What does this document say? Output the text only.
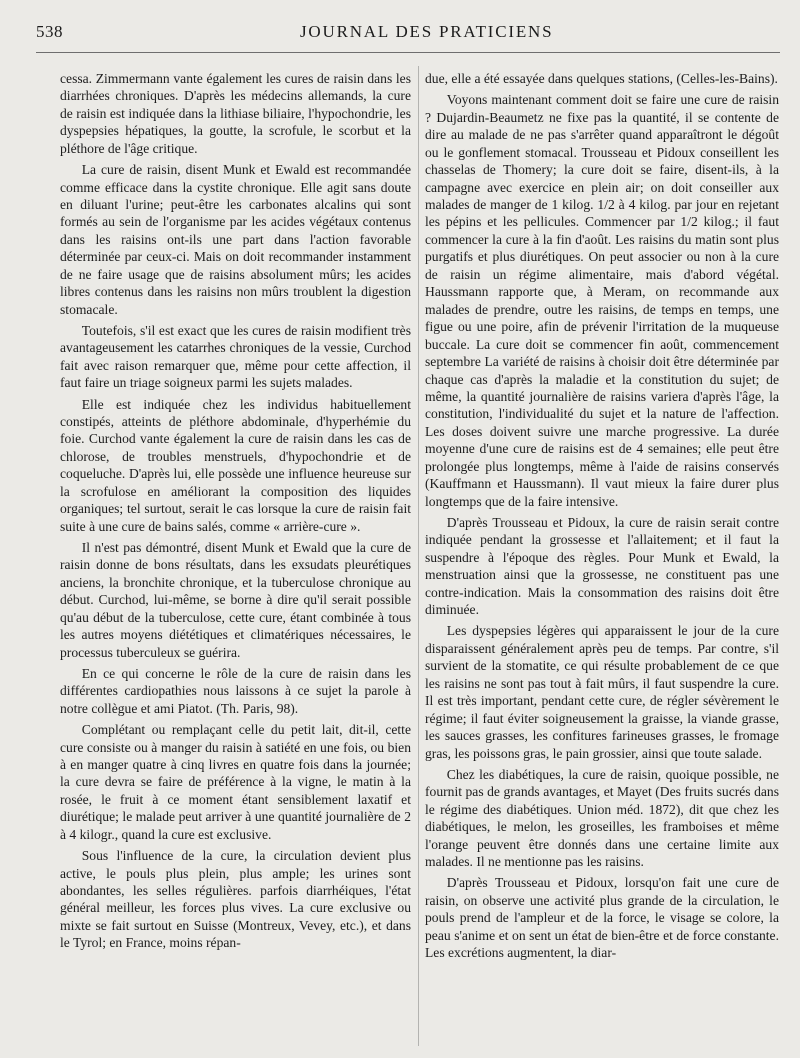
538	JOURNAL DES PRATICIENS

cessa. Zimmermann vante également les cures de raisin dans les diarrhées chroniques. D'après les médecins allemands, la cure de raisin est indiquée dans la lithiase biliaire, l'hypochondrie, les dyspepsies hépatiques, la goutte, la scrofule, le scorbut et la pléthore de l'âge critique.

La cure de raisin, disent Munk et Ewald est recommandée comme efficace dans la cystite chronique. Elle agit sans doute en diluant l'urine; peut-être les carbonates alcalins qui sont formés au sein de l'organisme par les acides végétaux contenus dans les raisins ont-ils une part dans l'action favorable déterminée par ceux-ci. Mais on doit recommander instamment de ne faire usage que de raisins absolument mûrs; les acides libres contenus dans les raisins non mûrs troublent la digestion stomacale.

Toutefois, s'il est exact que les cures de raisin modifient très avantageusement les catarrhes chroniques de la vessie, Curchod fait avec raison remarquer que, même pour cette affection, il faut faire un triage soigneux parmi les sujets malades.

Elle est indiquée chez les individus habituellement constipés, atteints de pléthore abdominale, d'hyperhémie du foie. Curchod vante également la cure de raisin dans les cas de chlorose, de troubles menstruels, d'hypochondrie et de coqueluche. D'après lui, elle possède une influence heureuse sur la scrofulose en améliorant la composition des liquides organiques; tel surtout, serait le cas lorsque la cure de raisin fait suite à une cure de bains salés, comme « arrière-cure ».

Il n'est pas démontré, disent Munk et Ewald que la cure de raisin donne de bons résultats, dans les exsudats pleurétiques anciens, la bronchite chronique, et la tuberculose chronique au début. Curchod, lui-même, se borne à dire qu'il serait possible qu'au début de la tuberculose, cette cure, étant combinée à tous les autres moyens diététiques et climatériques nécessaires, le processus tuberculeux se guérira.

En ce qui concerne le rôle de la cure de raisin dans les différentes cardiopathies nous laissons à ce sujet la parole à notre collègue et ami Piatot. (Th. Paris, 98).

Complétant ou remplaçant celle du petit lait, dit-il, cette cure consiste ou à manger du raisin à satiété en une fois, ou bien à en manger quatre à cinq livres en quatre fois dans la journée; la cure devra se faire de préférence à la vigne, le matin à la rosée, le fruit à ce moment étant sensiblement laxatif et diurétique; le malade peut arriver à une quantité journalière de 2 à 4 kilogr., quand la cure est exclusive.

Sous l'influence de la cure, la circulation devient plus active, le pouls plus plein, plus ample; les urines sont abondantes, les selles régulières. parfois diarrhéiques, l'état général meilleur, les forces plus vives. La cure exclusive ou mixte se fait surtout en Suisse (Montreux, Vevey, etc.), et dans le Tyrol; en France, moins répan-

due, elle a été essayée dans quelques stations, (Celles-les-Bains).

Voyons maintenant comment doit se faire une cure de raisin ? Dujardin-Beaumetz ne fixe pas la quantité, il se contente de dire au malade de ne pas s'arrêter quand apparaîtront le dégoût ou le gonflement stomacal. Trousseau et Pidoux conseillent les chasselas de Thomery; la cure doit se faire, disent-ils, à la campagne avec exercice en plein air; on doit conseiller aux malades de manger de 1 kilog. 1/2 à 4 kilog. par jour en rejetant les pépins et les pellicules. Commencer par 1/2 kilog.; il faut commencer la cure à la fin d'août. Les raisins du matin sont plus purgatifs et plus diurétiques. On peut associer ou non à la cure de raisin un régime alimentaire, mais d'abord végétal. Haussmann rapporte que, à Meram, on recommande aux malades de prendre, outre les raisins, de temps en temps, une figue ou une poire, afin de prévenir l'irritation de la muqueuse buccale. La cure doit se commencer fin août, commencement septembre La variété de raisins à choisir doit être déterminée par chaque cas d'après la maladie et la constitution du sujet; de même, la quantité journalière de raisins variera d'après l'âge, la constitution, l'individualité du sujet et la nature de l'affection. Les doses doivent suivre une marche progressive. La durée moyenne d'une cure de raisins est de 4 semaines; elle peut être prolongée plus longtemps, même à l'aide de raisins conservés (Kauffmann et Haussmann). Il vaut mieux la faire durer plus longtemps que de la faire intensive.

D'après Trousseau et Pidoux, la cure de raisin serait contre indiquée pendant la grossesse et l'allaitement; et il faut la suspendre à l'époque des règles. Pour Munk et Ewald, la menstruation ainsi que la grossesse, ne constituent pas une contre-indication. Mais la consommation des raisins doit être diminuée.

Les dyspepsies légères qui apparaissent le jour de la cure disparaissent généralement après peu de temps. Par contre, s'il survient de la stomatite, ce qui résulte probablement de ce que les raisins ne sont pas tout à fait mûrs, il faut suspendre la cure. Il est très important, pendant cette cure, de régler sévèrement le régime; il faut éviter soigneusement la graisse, la viande grasse, les sauces grasses, les confitures farineuses grasses, le fromage gras, les poissons gras, le pain grossier, ainsi que toute salade.

Chez les diabétiques, la cure de raisin, quoique possible, ne fournit pas de grands avantages, et Mayet (Des fruits sucrés dans le régime des diabétiques. Union méd. 1872), dit que chez les diabétiques, le melon, les groseilles, les framboises et même l'orange peuvent être donnés dans une certaine limite aux malades. Il ne mentionne pas les raisins.

D'après Trousseau et Pidoux, lorsqu'on fait une cure de raisin, on observe une activité plus grande de la circulation, le pouls prend de l'ampleur et de la force, le visage se colore, la peau s'anime et on sent un état de bien-être et de force constante. Les excrétions augmentent, la diar-
